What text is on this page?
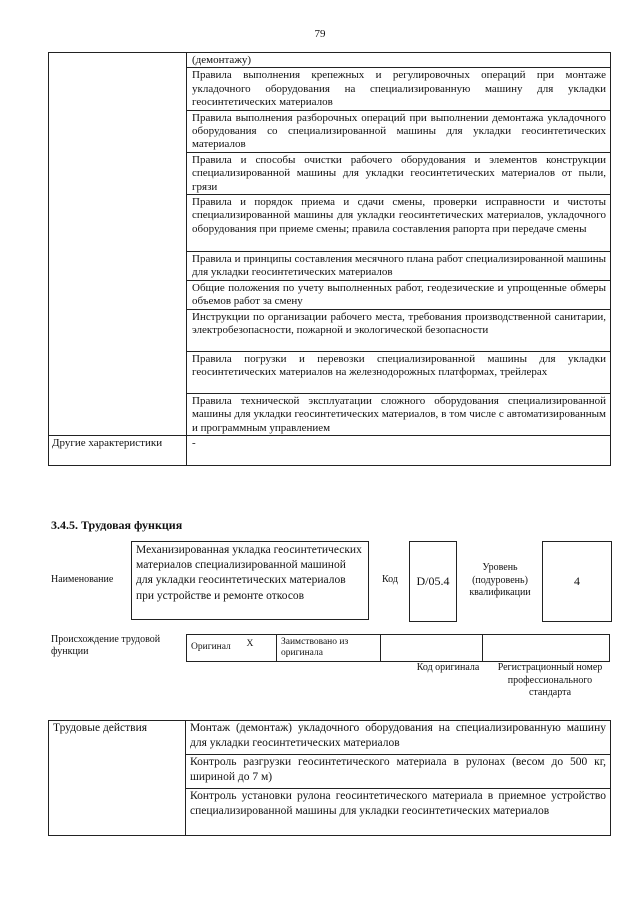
79
	(демонтажу)
	Правила выполнения крепежных и регулировочных операций при монтаже укладочного оборудования на специализированную машину для укладки геосинтетических материалов
	Правила выполнения разборочных операций при выполнении демонтажа укладочного оборудования со специализированной машины для укладки геосинтетических материалов
	Правила и способы очистки рабочего оборудования и элементов конструкции специализированной машины для укладки геосинтетических материалов от пыли, грязи
	Правила и порядок приема и сдачи смены, проверки исправности и чистоты специализированной машины для укладки геосинтетических материалов, укладочного оборудования при приеме смены; правила составления рапорта при передаче смены
	Правила и принципы составления месячного плана работ специализированной машины для укладки геосинтетических материалов
	Общие положения по учету выполненных работ, геодезические и упрощенные обмеры объемов работ за смену
	Инструкции по организации рабочего места, требования производственной санитарии, электробезопасности, пожарной и экологической безопасности
	Правила погрузки и перевозки специализированной машины для укладки геосинтетических материалов на железнодорожных платформах, трейлерах
	Правила технической эксплуатации сложного оборудования специализированной машины для укладки геосинтетических материалов, в том числе с автоматизированным и программным управлением
Другие характеристики	-
3.4.5. Трудовая функция
Наименование
Механизированная укладка геосинтетических материалов специализированной машиной для укладки геосинтетических материалов при устройстве и ремонте откосов
Код	D/05.4
Уровень (подуровень) квалификации
4
Происхождение трудовой функции	Оригинал	X	Заимствовано из оригинала		
Код оригинала	Регистрационный номер профессионального стандарта
Трудовые действия	Монтаж (демонтаж) укладочного оборудования на специализированную машину для укладки геосинтетических материалов
Контроль разгрузки геосинтетического материала в рулонах (весом до 500 кг, шириной до 7 м)
Контроль установки рулона геосинтетического материала в приемное устройство специализированной машины для укладки геосинтетических материалов
